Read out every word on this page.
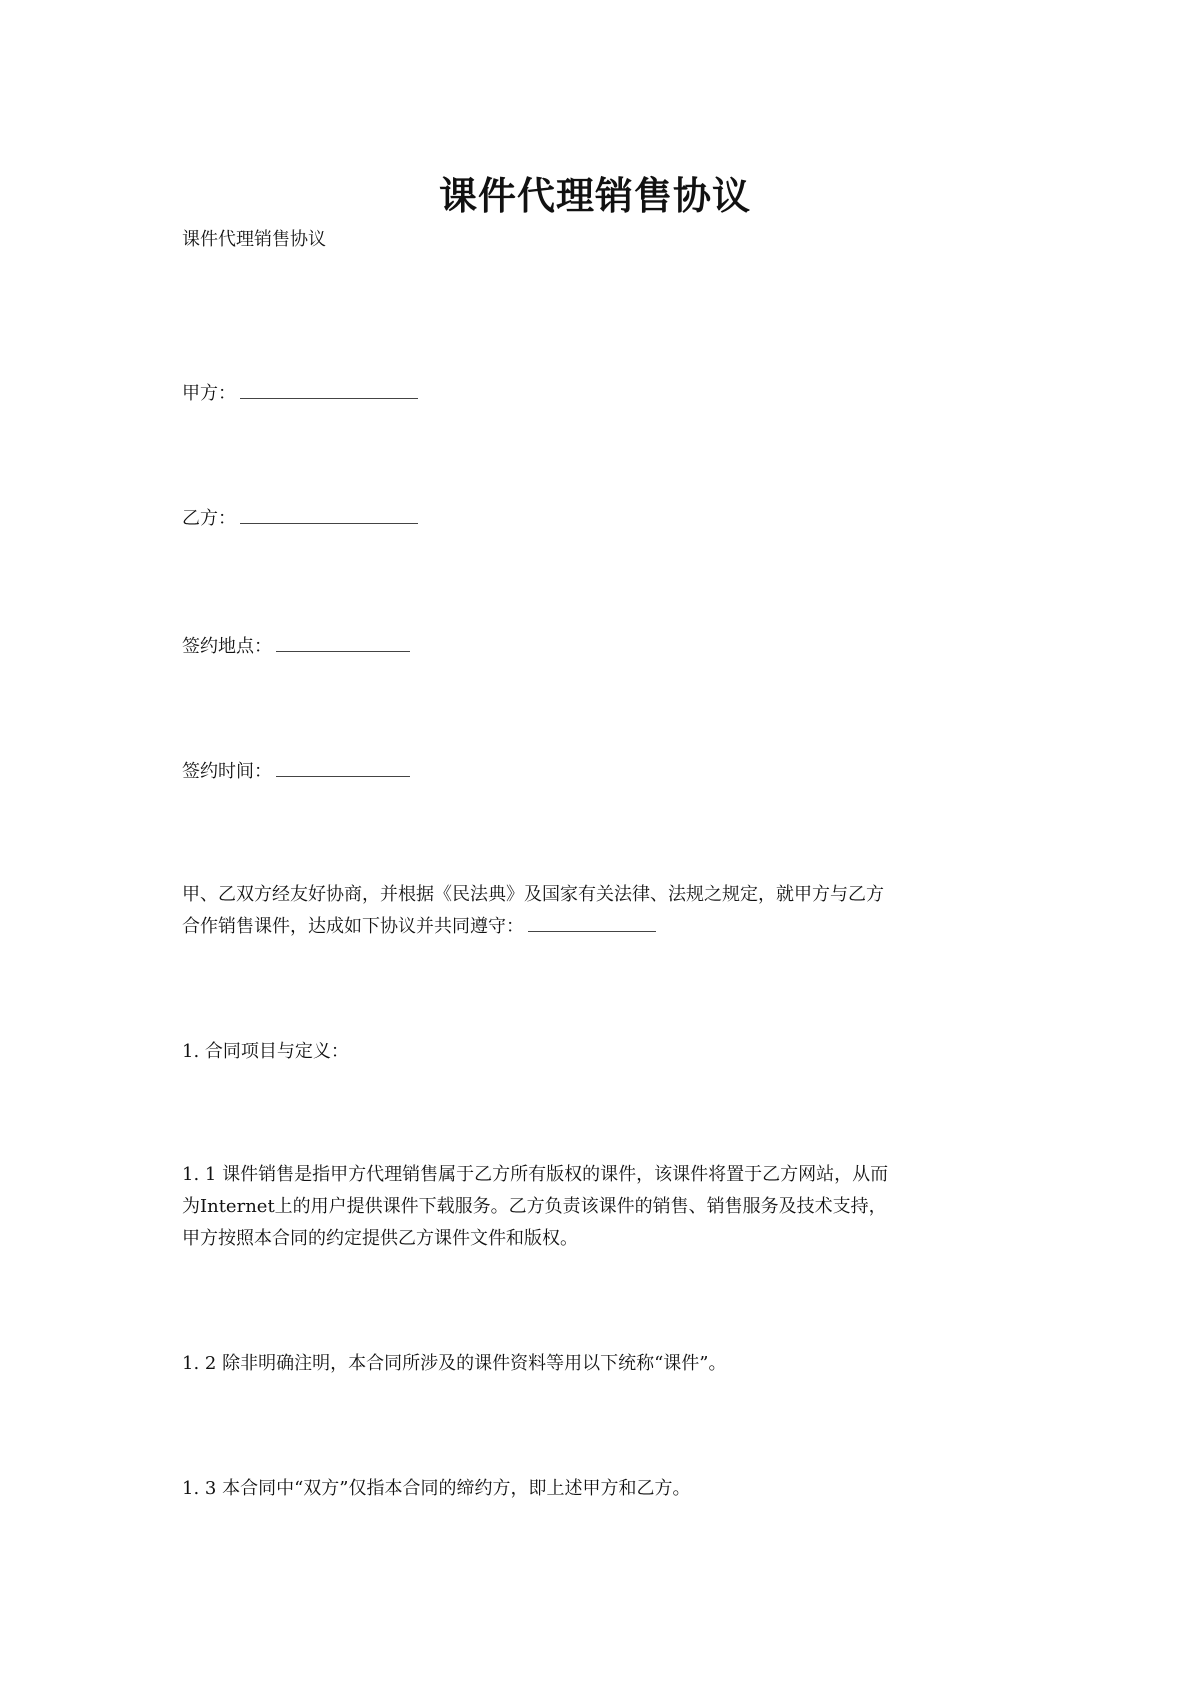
课件代理销售协议
课件代理销售协议
甲方：
乙方：
签约地点：
签约时间：
甲、乙双方经友好协商，并根据《民法典》及国家有关法律、法规之规定，就甲方与乙方
合作销售课件，达成如下协议并共同遵守：
1. 合同项目与定义：
1. 1 课件销售是指甲方代理销售属于乙方所有版权的课件，该课件将置于乙方网站，从而
为Internet上的用户提供课件下载服务。乙方负责该课件的销售、销售服务及技术支持，
甲方按照本合同的约定提供乙方课件文件和版权。
1. 2 除非明确注明，本合同所涉及的课件资料等用以下统称“课件”。
1. 3 本合同中“双方”仅指本合同的缔约方，即上述甲方和乙方。
